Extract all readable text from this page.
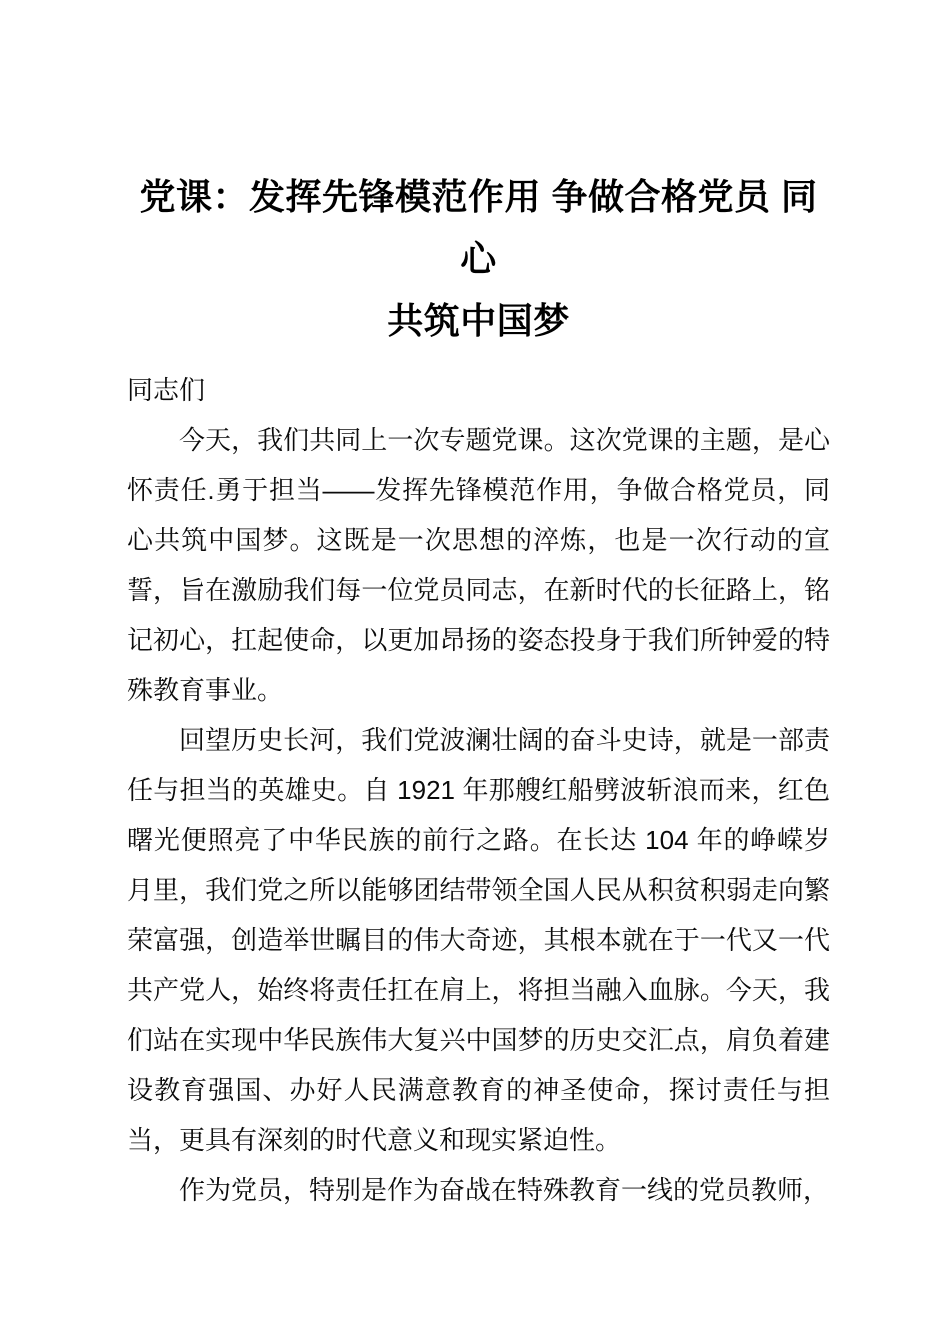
党课：发挥先锋模范作用 争做合格党员 同心
共筑中国梦

同志们

今天，我们共同上一次专题党课。这次党课的主题，是心怀责任.勇于担当——发挥先锋模范作用，争做合格党员，同心共筑中国梦。这既是一次思想的淬炼，也是一次行动的宣誓，旨在激励我们每一位党员同志，在新时代的长征路上，铭记初心，扛起使命，以更加昂扬的姿态投身于我们所钟爱的特殊教育事业。

回望历史长河，我们党波澜壮阔的奋斗史诗，就是一部责任与担当的英雄史。自 1921 年那艘红船劈波斩浪而来，红色曙光便照亮了中华民族的前行之路。在长达 104 年的峥嵘岁月里，我们党之所以能够团结带领全国人民从积贫积弱走向繁荣富强，创造举世瞩目的伟大奇迹，其根本就在于一代又一代共产党人，始终将责任扛在肩上，将担当融入血脉。今天，我们站在实现中华民族伟大复兴中国梦的历史交汇点，肩负着建设教育强国、办好人民满意教育的神圣使命，探讨责任与担当，更具有深刻的时代意义和现实紧迫性。

作为党员，特别是作为奋战在特殊教育一线的党员教师，
